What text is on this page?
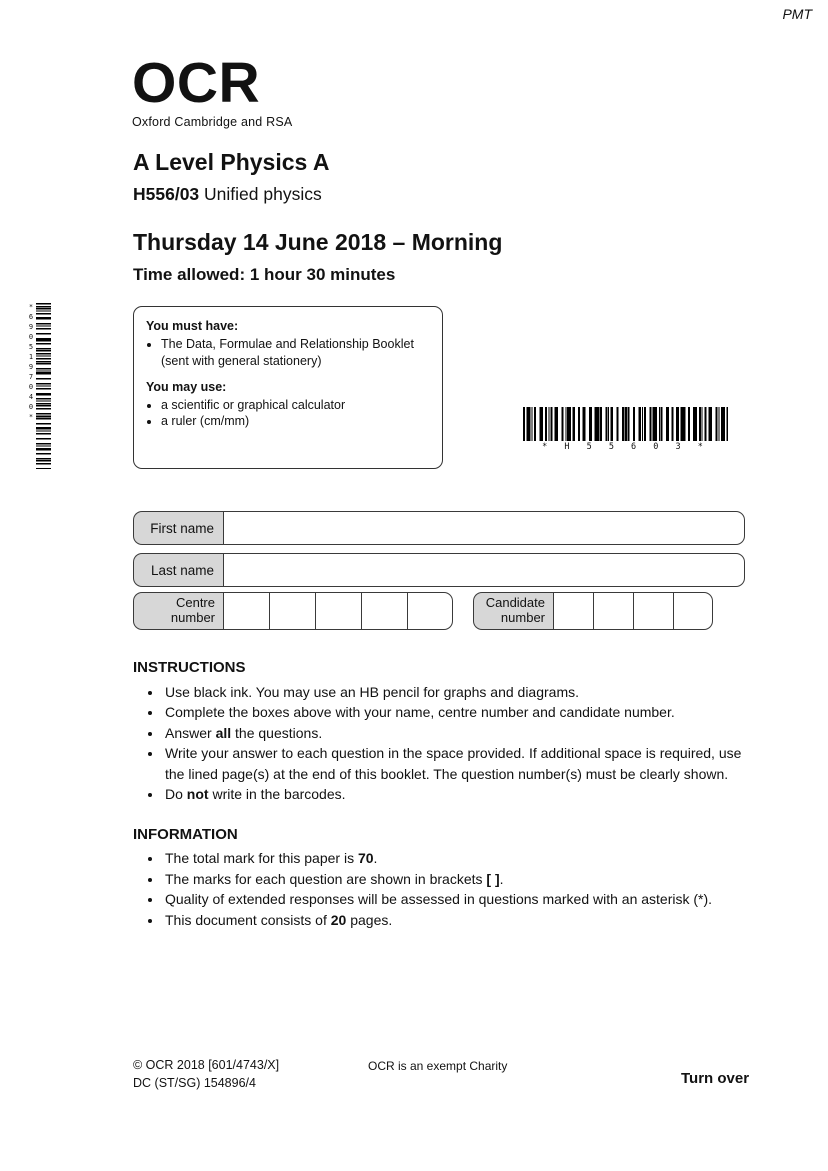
PMT
OCR
Oxford Cambridge and RSA
A Level Physics A

H556/03 Unified physics

Thursday 14 June 2018 – Morning
Time allowed: 1 hour 30 minutes
*6905197040*	You must have:
• The Data, Formulae and Relationship Booklet (sent with general stationery)
You may use:
• a scientific or graphical calculator
• a ruler (cm/mm)
* H 5 5 6 0 3 *
First name
Last name
Centre number
Candidate number
INSTRUCTIONS
• Use black ink. You may use an HB pencil for graphs and diagrams.
• Complete the boxes above with your name, centre number and candidate number.
• Answer all the questions.
• Write your answer to each question in the space provided. If additional space is required, use the lined page(s) at the end of this booklet. The question number(s) must be clearly shown.
• Do not write in the barcodes.
INFORMATION
• The total mark for this paper is 70.
• The marks for each question are shown in brackets [ ].
• Quality of extended responses will be assessed in questions marked with an asterisk (*).
• This document consists of 20 pages.
© OCR 2018 [601/4743/X]
DC (ST/SG) 154896/4
OCR is an exempt Charity
Turn over
